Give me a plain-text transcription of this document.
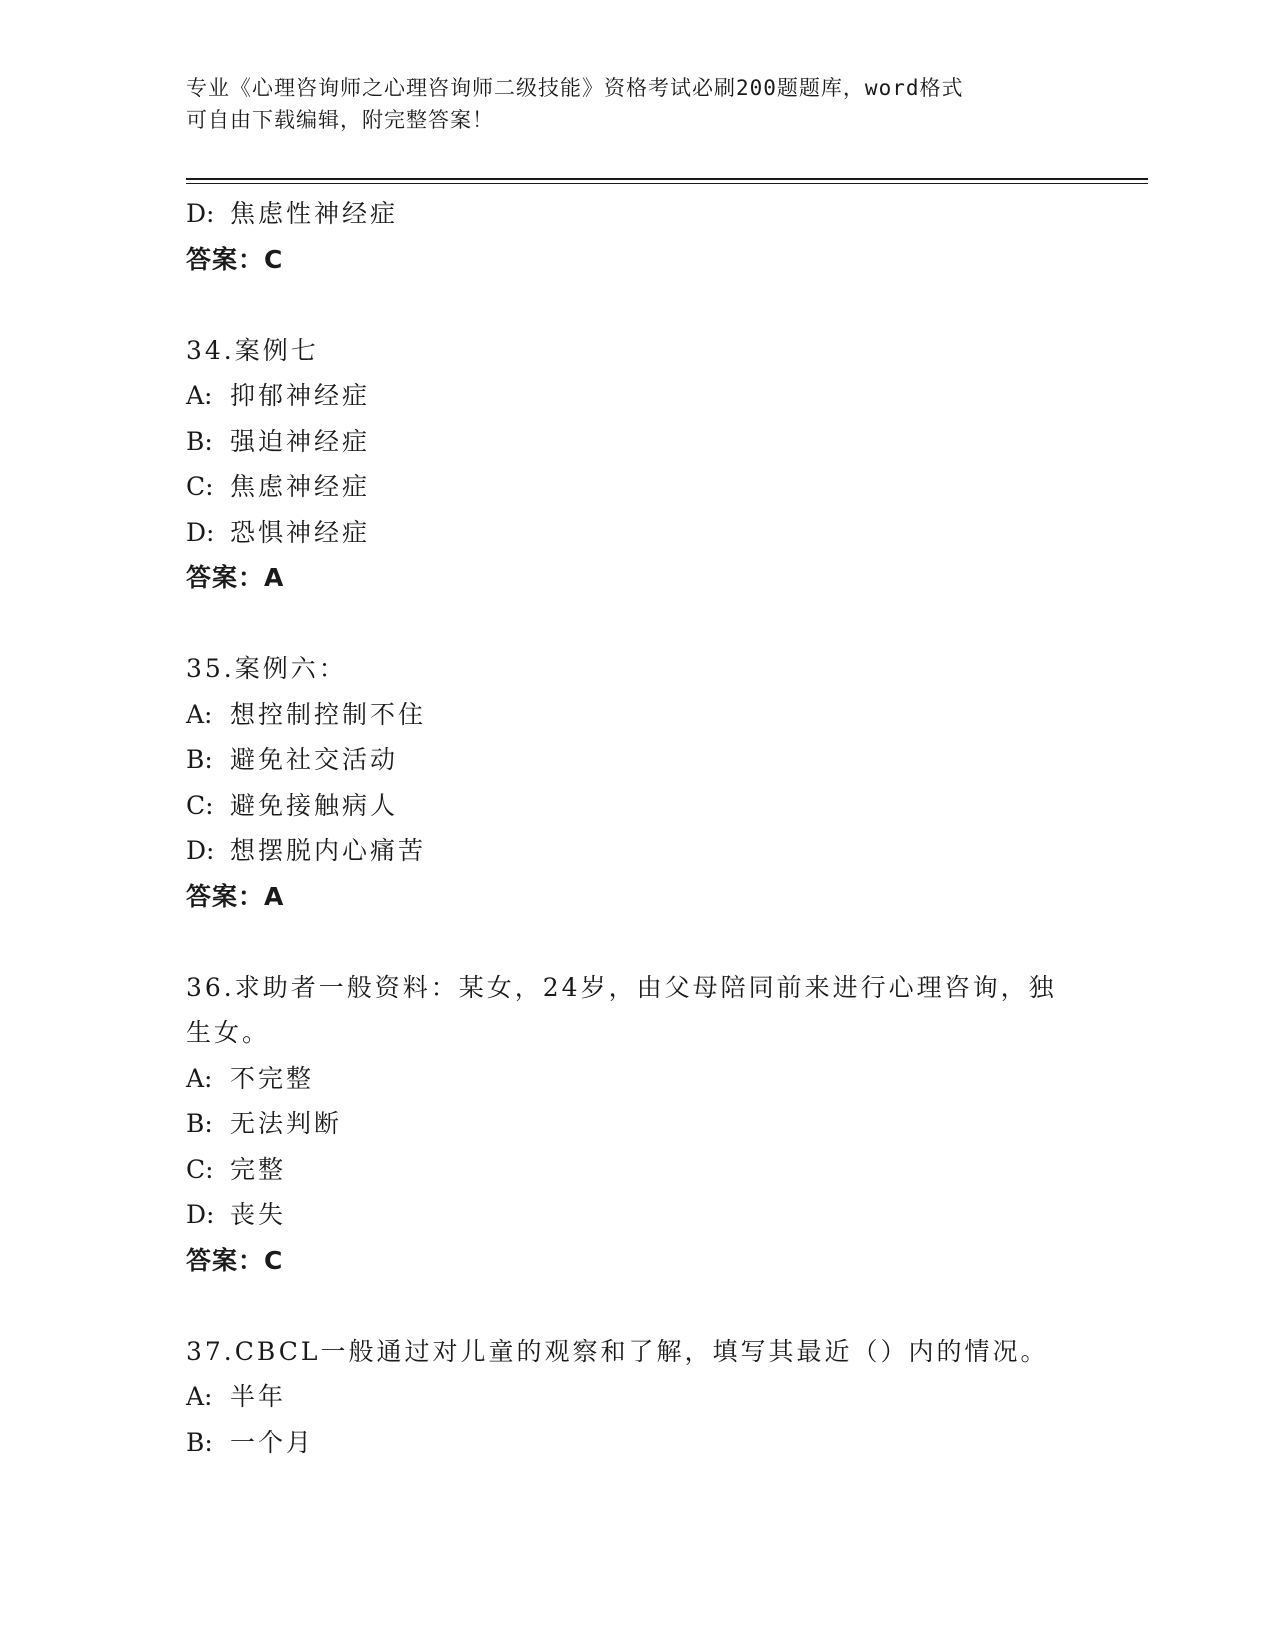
专业《心理咨询师之心理咨询师二级技能》资格考试必刷200题题库，word格式
可自由下载编辑，附完整答案！
D: 焦虑性神经症
答案：C
34.案例七
A: 抑郁神经症
B: 强迫神经症
C: 焦虑神经症
D: 恐惧神经症
答案：A
35.案例六：
A: 想控制控制不住
B: 避免社交活动
C: 避免接触病人
D: 想摆脱内心痛苦
答案：A
36.求助者一般资料：某女，24岁，由父母陪同前来进行心理咨询，独
生女。
A: 不完整
B: 无法判断
C: 完整
D: 丧失
答案：C
37.CBCL一般通过对儿童的观察和了解，填写其最近（）内的情况。
A: 半年
B: 一个月
